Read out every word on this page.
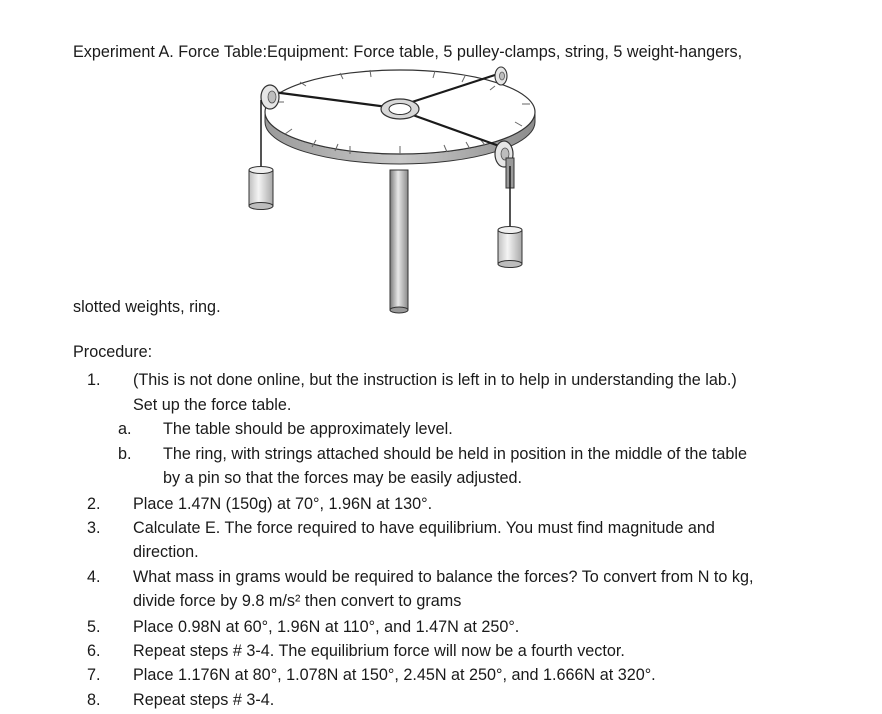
Experiment A. Force Table:Equipment: Force table, 5 pulley-clamps, string, 5 weight-hangers,
slotted weights, ring.
Procedure:
1. (This is not done online, but the instruction is left in to help in understanding the lab.)
Set up the force table.
a. The table should be approximately level.
b. The ring, with strings attached should be held in position in the middle of the table
by a pin so that the forces may be easily adjusted.
2. Place 1.47N (150g) at 70°, 1.96N at 130°.
3. Calculate E. The force required to have equilibrium. You must find magnitude and
direction.
4. What mass in grams would be required to balance the forces? To convert from N to kg,
divide force by 9.8 m/s² then convert to grams
5. Place 0.98N at 60°, 1.96N at 110°, and 1.47N at 250°.
6. Repeat steps # 3-4. The equilibrium force will now be a fourth vector.
7. Place 1.176N at 80°, 1.078N at 150°, 2.45N at 250°, and 1.666N at 320°.
8. Repeat steps # 3-4.
